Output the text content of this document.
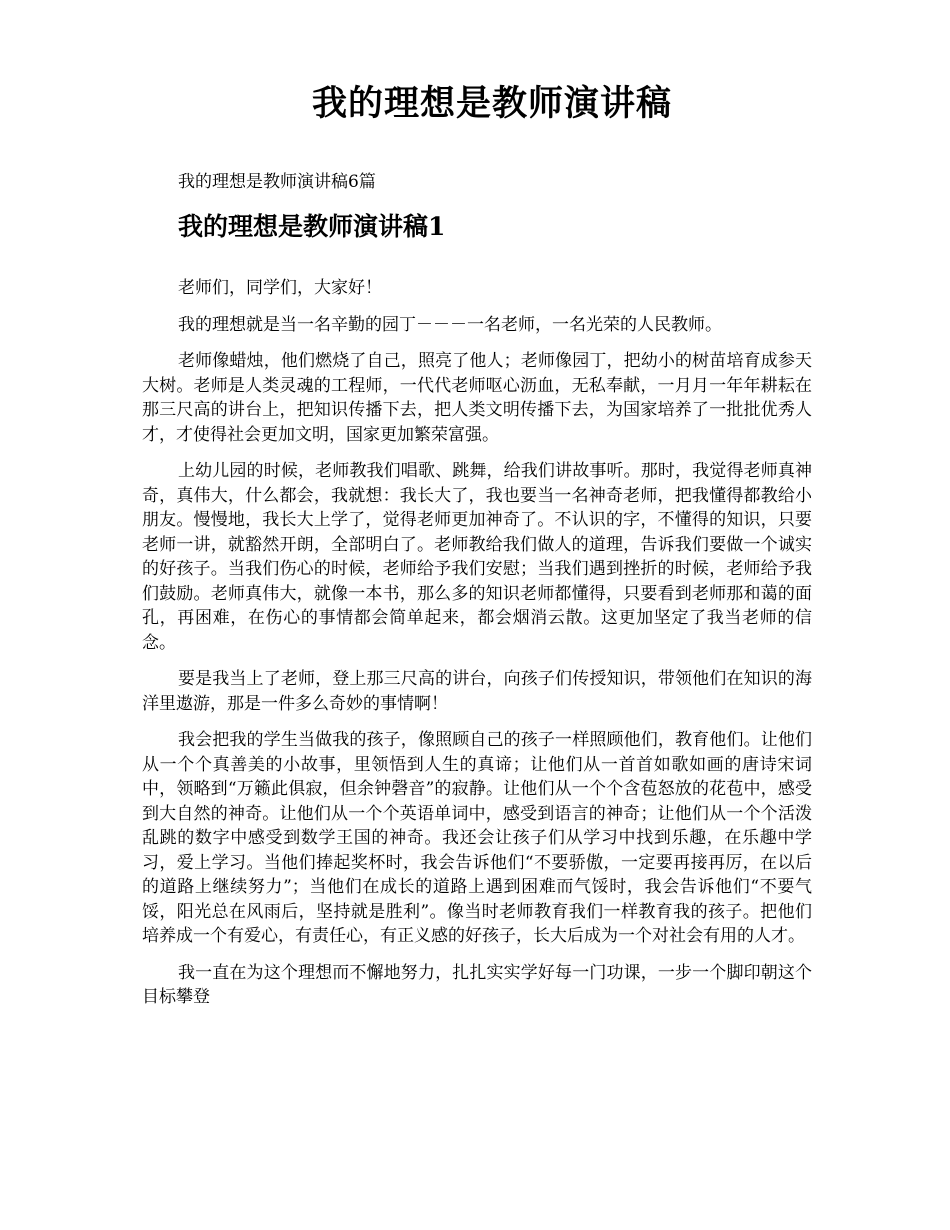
我的理想是教师演讲稿

我的理想是教师演讲稿6篇

我的理想是教师演讲稿1

老师们，同学们，大家好！

我的理想就是当一名辛勤的园丁－－－一名老师，一名光荣的人民教师。

老师像蜡烛，他们燃烧了自己，照亮了他人；老师像园丁，把幼小的树苗培育成参天大树。老师是人类灵魂的工程师，一代代老师呕心沥血，无私奉献，一月月一年年耕耘在那三尺高的讲台上，把知识传播下去，把人类文明传播下去，为国家培养了一批批优秀人才，才使得社会更加文明，国家更加繁荣富强。

上幼儿园的时候，老师教我们唱歌、跳舞，给我们讲故事听。那时，我觉得老师真神奇，真伟大，什么都会，我就想：我长大了，我也要当一名神奇老师，把我懂得都教给小朋友。慢慢地，我长大上学了，觉得老师更加神奇了。不认识的字，不懂得的知识，只要老师一讲，就豁然开朗，全部明白了。老师教给我们做人的道理，告诉我们要做一个诚实的好孩子。当我们伤心的时候，老师给予我们安慰；当我们遇到挫折的时候，老师给予我们鼓励。老师真伟大，就像一本书，那么多的知识老师都懂得，只要看到老师那和蔼的面孔，再困难，在伤心的事情都会简单起来，都会烟消云散。这更加坚定了我当老师的信念。

要是我当上了老师，登上那三尺高的讲台，向孩子们传授知识，带领他们在知识的海洋里遨游，那是一件多么奇妙的事情啊！

我会把我的学生当做我的孩子，像照顾自己的孩子一样照顾他们，教育他们。让他们从一个个真善美的小故事，里领悟到人生的真谛；让他们从一首首如歌如画的唐诗宋词中，领略到“万籁此俱寂，但余钟磬音”的寂静。让他们从一个个含苞怒放的花苞中，感受到大自然的神奇。让他们从一个个英语单词中，感受到语言的神奇；让他们从一个个活泼乱跳的数字中感受到数学王国的神奇。我还会让孩子们从学习中找到乐趣，在乐趣中学习，爱上学习。当他们捧起奖杯时，我会告诉他们“不要骄傲，一定要再接再厉，在以后的道路上继续努力”；当他们在成长的道路上遇到困难而气馁时，我会告诉他们“不要气馁，阳光总在风雨后，坚持就是胜利”。像当时老师教育我们一样教育我的孩子。把他们培养成一个有爱心，有责任心，有正义感的好孩子，长大后成为一个对社会有用的人才。

我一直在为这个理想而不懈地努力，扎扎实实学好每一门功课，一步一个脚印朝这个目标攀登
